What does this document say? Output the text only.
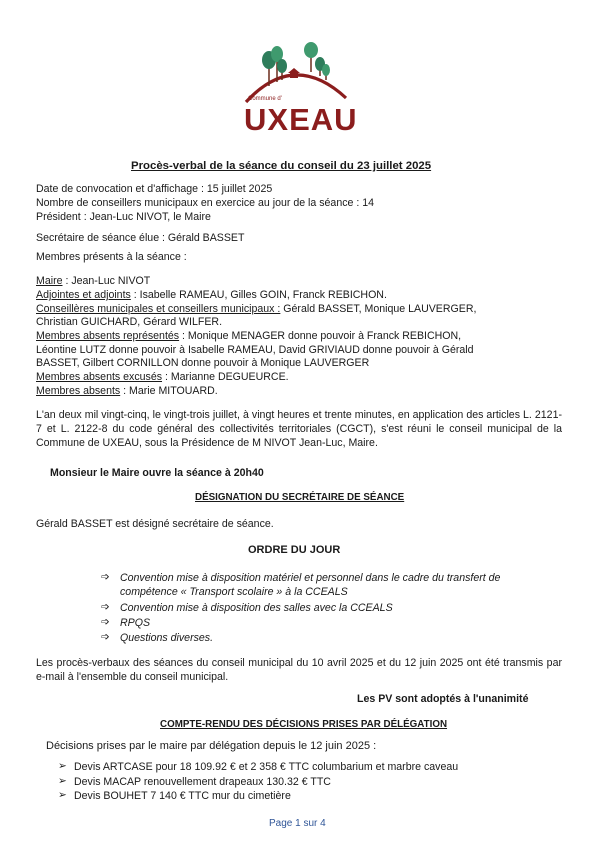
Commune d'
UXEAU
Procès-verbal de la séance du conseil du 23 juillet 2025
Date de convocation et d'affichage : 15 juillet 2025
Nombre de conseillers municipaux en exercice au jour de la séance : 14
Président : Jean-Luc NIVOT, le Maire
Secrétaire de séance élue : Gérald BASSET
Membres présents à la séance :
Maire : Jean-Luc NIVOT
Adjointes et adjoints : Isabelle RAMEAU, Gilles GOIN, Franck REBICHON.
Conseillères municipales et conseillers municipaux : Gérald BASSET, Monique LAUVERGER,
Christian GUICHARD, Gérard WILFER.
Membres absents représentés : Monique MENAGER donne pouvoir à Franck REBICHON,
Léontine LUTZ donne pouvoir à Isabelle RAMEAU, David GRIVIAUD donne pouvoir à Gérald
BASSET, Gilbert CORNILLON donne pouvoir à Monique LAUVERGER
Membres absents excusés : Marianne DEGUEURCE.
Membres absents : Marie MITOUARD.
L'an deux mil vingt-cinq, le vingt-trois juillet, à vingt heures et trente minutes, en application des articles L. 2121-7 et L. 2122-8 du code général des collectivités territoriales (CGCT), s'est réuni le conseil municipal de la Commune de UXEAU, sous la Présidence de M NIVOT Jean-Luc, Maire.
Monsieur le Maire ouvre la séance à 20h40
DÉSIGNATION DU SECRÉTAIRE DE SÉANCE
Gérald BASSET est désigné secrétaire de séance.
ORDRE DU JOUR
➩ Convention mise à disposition matériel et personnel dans le cadre du transfert de
compétence « Transport scolaire » à la CCEALS
➩ Convention mise à disposition des salles avec la CCEALS
➩ RPQS
➩ Questions diverses.
Les procès-verbaux des séances du conseil municipal du 10 avril 2025 et du 12 juin 2025 ont été transmis par e-mail à l'ensemble du conseil municipal.
Les PV sont adoptés à l'unanimité
COMPTE-RENDU DES DÉCISIONS PRISES PAR DÉLÉGATION
Décisions prises par le maire par délégation depuis le 12 juin 2025 :
➢ Devis ARTCASE pour 18 109.92 € et 2 358 € TTC columbarium et marbre caveau
➢ Devis MACAP renouvellement drapeaux 130.32 € TTC
➢ Devis BOUHET 7 140 € TTC mur du cimetière
Page 1 sur 4
